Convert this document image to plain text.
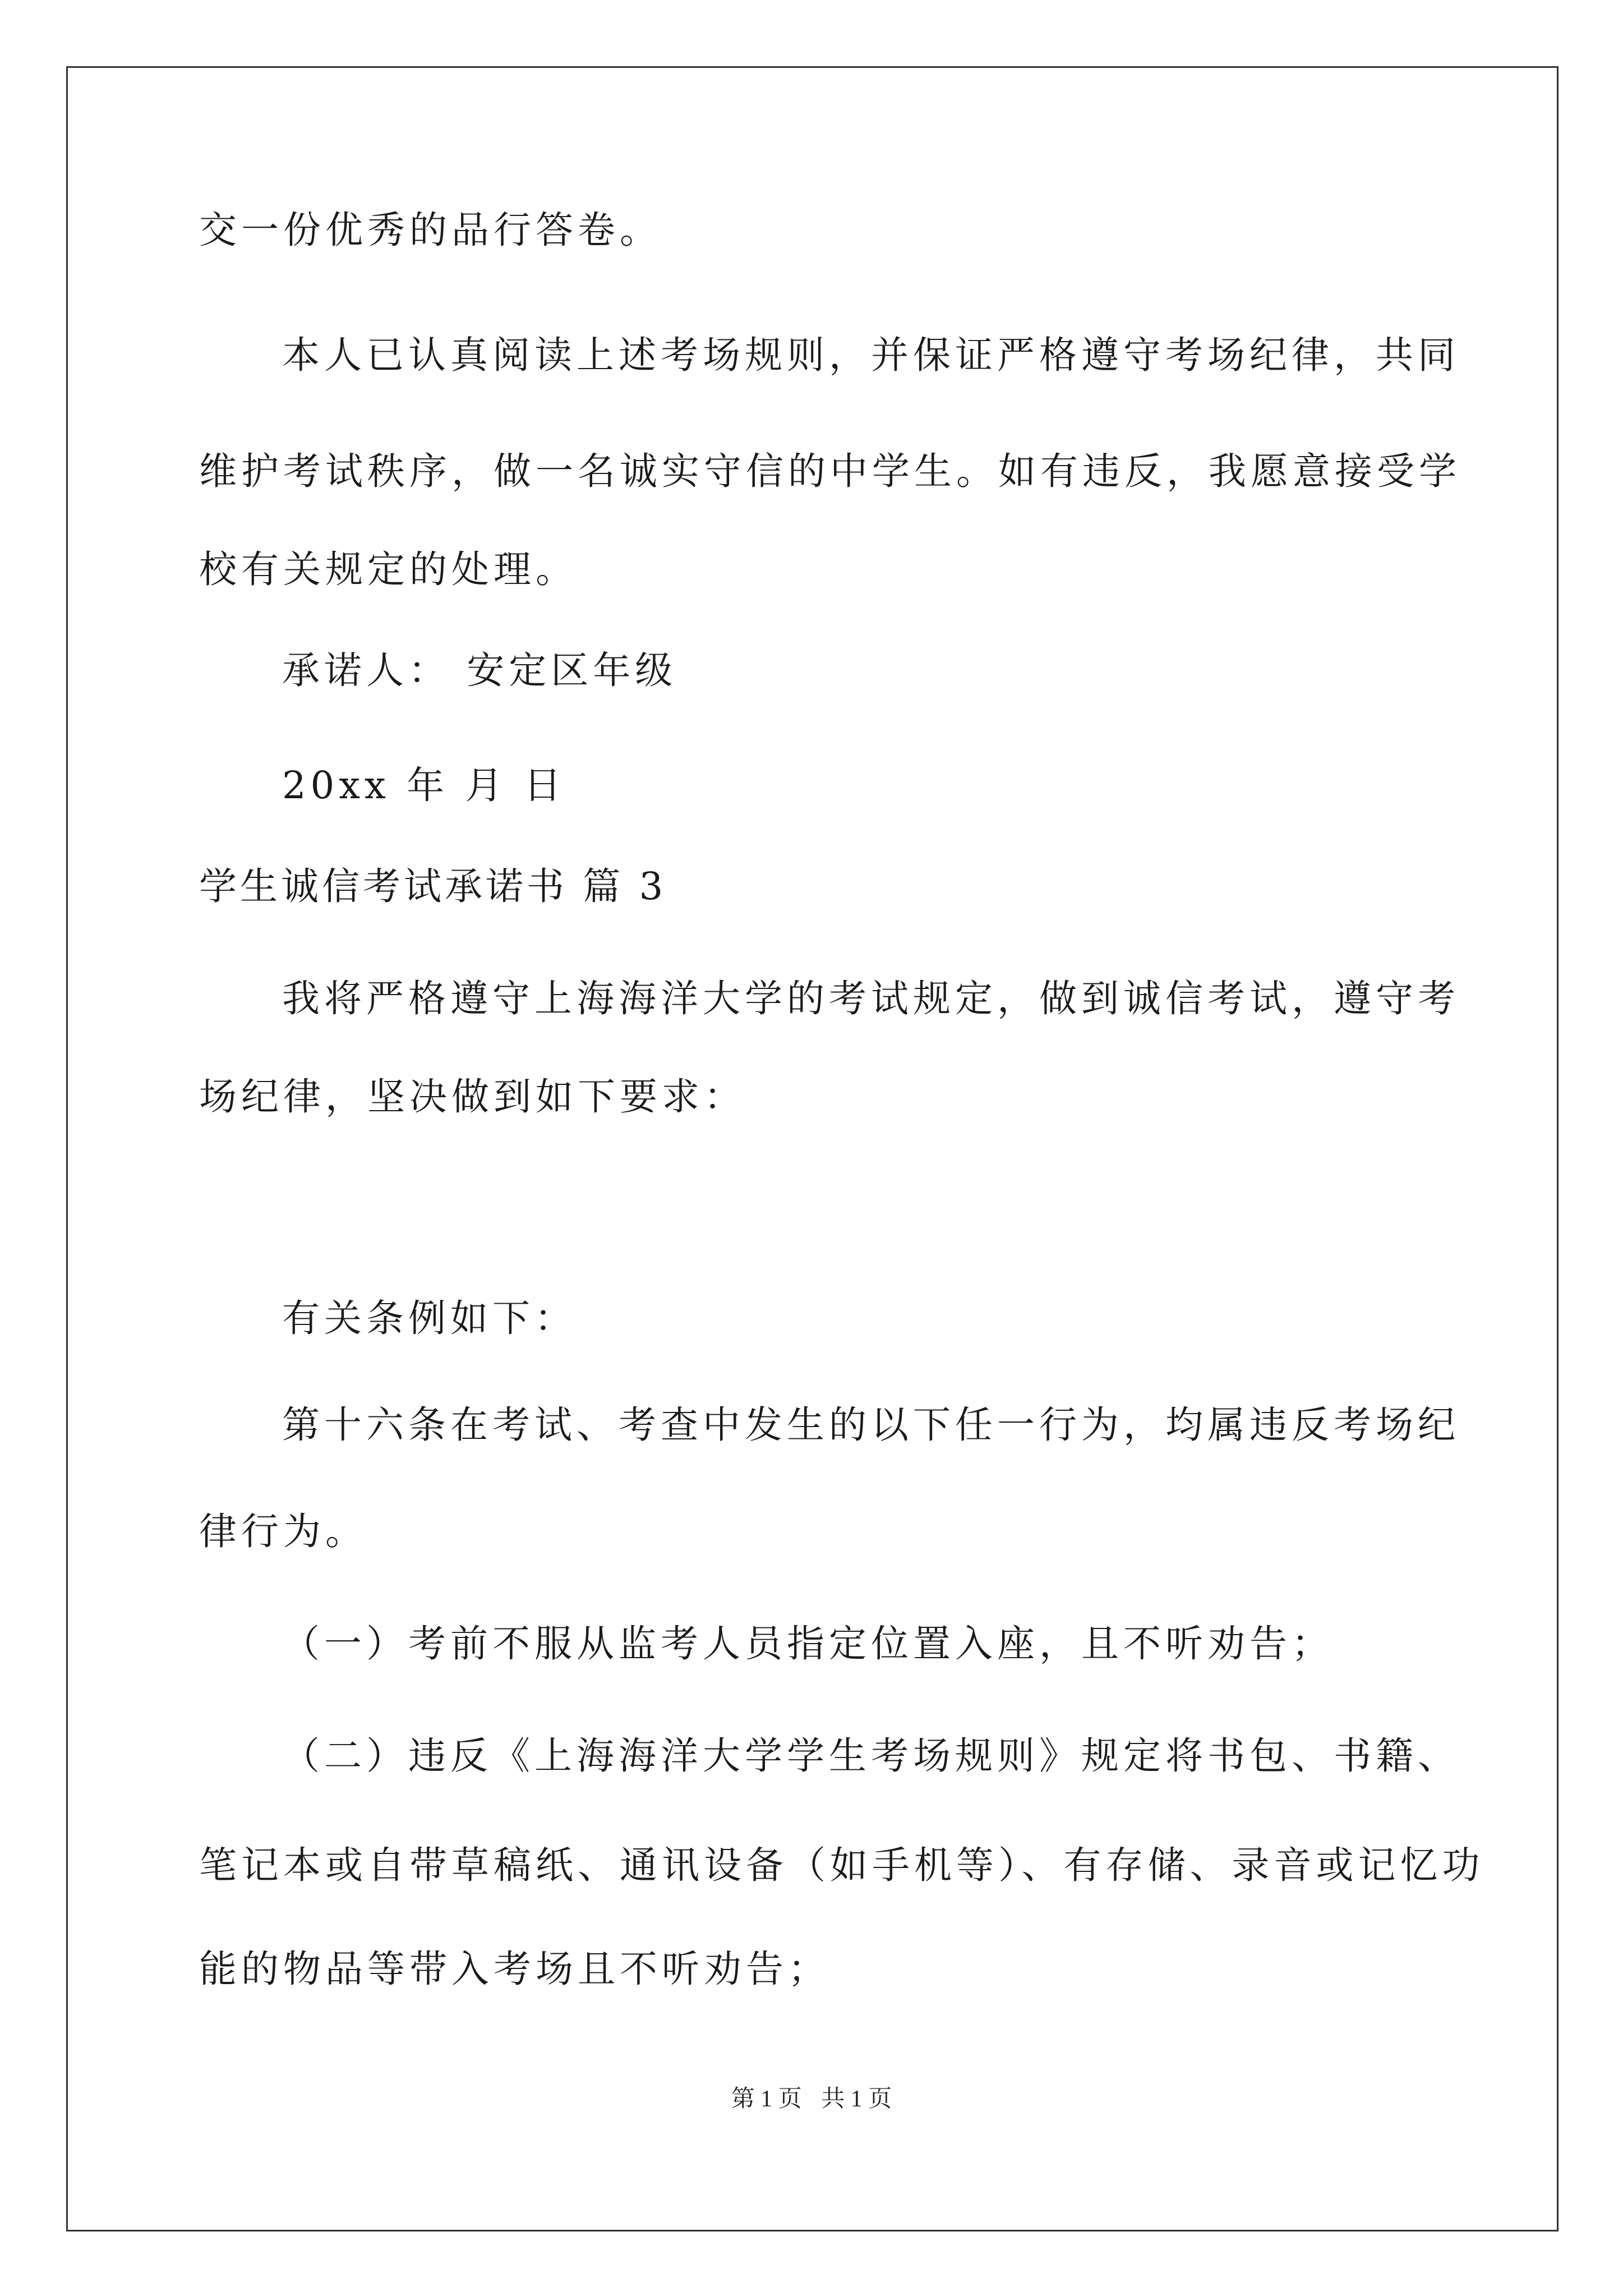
交一份优秀的品行答卷。
本人已认真阅读上述考场规则，并保证严格遵守考场纪律，共同
维护考试秩序，做一名诚实守信的中学生。如有违反，我愿意接受学
校有关规定的处理。
承诺人： 安定区年级
20xx 年 月 日
学生诚信考试承诺书 篇 3
我将严格遵守上海海洋大学的考试规定，做到诚信考试，遵守考
场纪律，坚决做到如下要求：
有关条例如下：
第十六条在考试、考查中发生的以下任一行为，均属违反考场纪
律行为。
（一）考前不服从监考人员指定位置入座，且不听劝告；
（二）违反《上海海洋大学学生考场规则》规定将书包、书籍、
笔记本或自带草稿纸、通讯设备（如手机等）、有存储、录音或记忆功
能的物品等带入考场且不听劝告；
第 1 页 共 1 页
